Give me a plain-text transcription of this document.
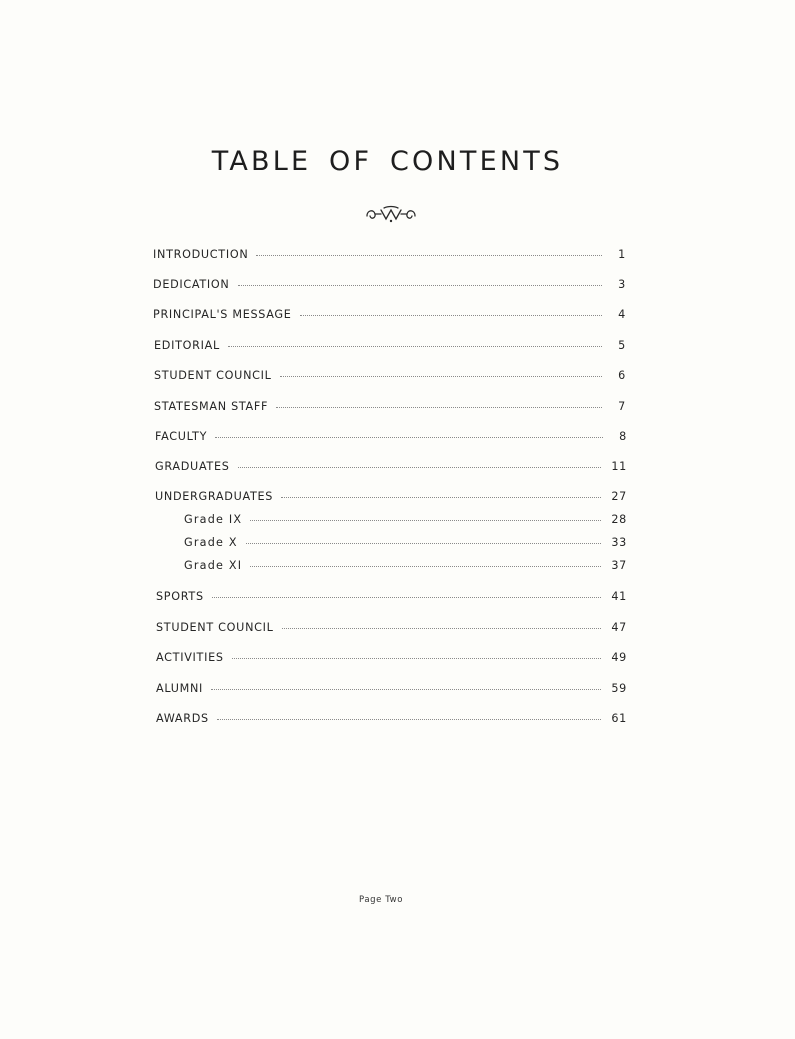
TABLE OF CONTENTS
INTRODUCTION	1
DEDICATION	3
PRINCIPAL'S MESSAGE	4
EDITORIAL	5
STUDENT COUNCIL	6
STATESMAN STAFF	7
FACULTY	8
GRADUATES	11
UNDERGRADUATES	27
Grade IX	28
Grade X	33
Grade XI	37
SPORTS	41
STUDENT COUNCIL	47
ACTIVITIES	49
ALUMNI	59
AWARDS	61
Page Two
